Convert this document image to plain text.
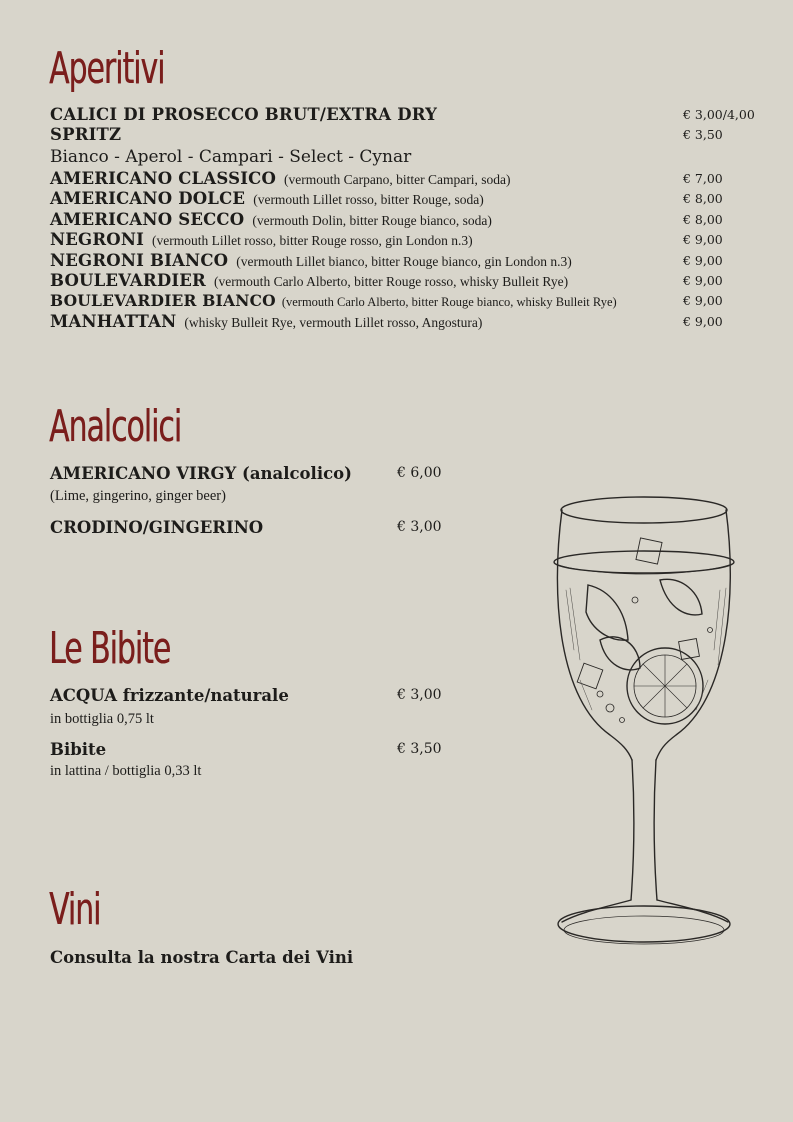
Aperitivi
CALICI DI PROSECCO BRUT/EXTRA DRY	€ 3,00/4,00
SPRITZ	€ 3,50
Bianco - Aperol - Campari - Select - Cynar
AMERICANO CLASSICO (vermouth Carpano, bitter Campari, soda)	€ 7,00
AMERICANO DOLCE (vermouth Lillet rosso, bitter Rouge, soda)	€ 8,00
AMERICANO SECCO (vermouth Dolin, bitter Rouge bianco, soda)	€ 8,00
NEGRONI (vermouth Lillet rosso, bitter Rouge rosso, gin London n.3)	€ 9,00
NEGRONI BIANCO (vermouth Lillet bianco, bitter Rouge bianco, gin London n.3)	€ 9,00
BOULEVARDIER (vermouth Carlo Alberto, bitter Rouge rosso, whisky Bulleit Rye)	€ 9,00
BOULEVARDIER BIANCO (vermouth Carlo Alberto, bitter Rouge bianco, whisky Bulleit Rye)	€ 9,00
MANHATTAN (whisky Bulleit Rye, vermouth Lillet rosso, Angostura)	€ 9,00
Analcolici
AMERICANO VIRGY (analcolico)	€ 6,00
(Lime, gingerino, ginger beer)
CRODINO/GINGERINO	€ 3,00
Le Bibite
ACQUA frizzante/naturale	€ 3,00
in bottiglia 0,75 lt
Bibite	€ 3,50
in lattina / bottiglia 0,33 lt
Vini
Consulta la nostra Carta dei Vini
